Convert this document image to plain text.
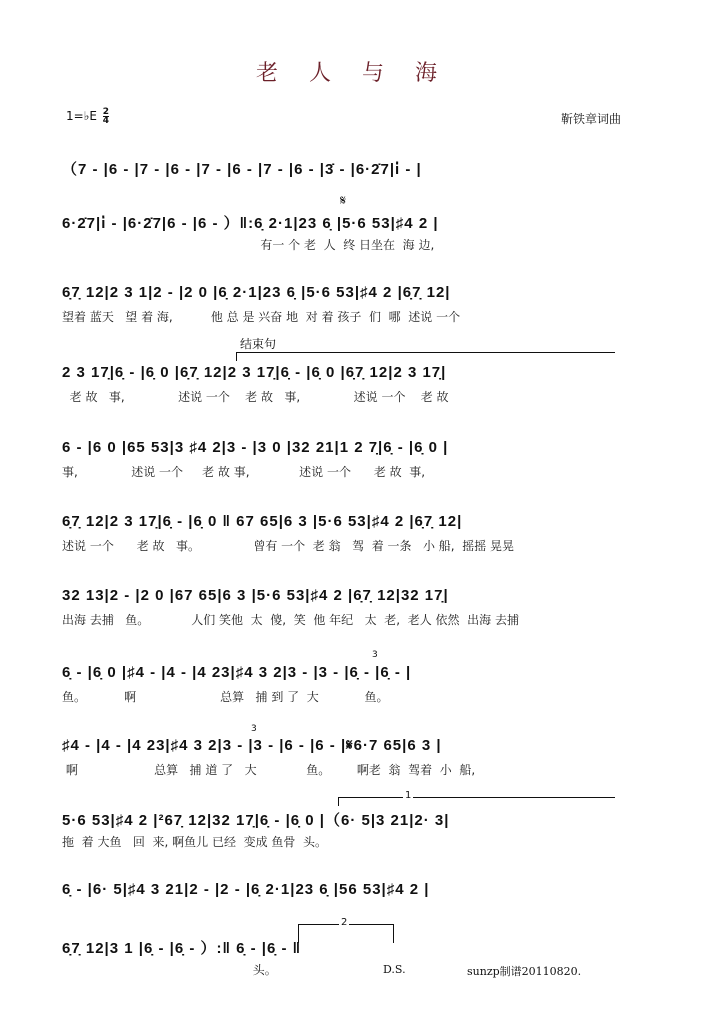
老 人 与 海
1=♭E $\frac{2}{4}$	靳铁章词曲
（7 - |6 - |7 - |6 - |7 - |6 - |7 - |6 - |3̇ - |6·2̇7|i̇ - |
𝄋
6·2̇7|i̇ - |6·2̇7|6 - |6 - ）‖:6̣ 2·1|23 6̣ |5·6 53|♯4 2 |
有一 个 老  人  终 日坐在  海 边,
6̣7̣ 12|2 3 1|2 - |2 0 |6̣ 2·1|23 6̣ |5·6 53|♯4 2 |6̣7̣ 12|
望着 蓝天   望 着 海,          他 总 是 兴奋 地  对 着 孩子  们  哪  述说 一个
结束句
2 3 17̣|6̣ - |6̣ 0 |6̣7̣ 12|2 3 17̣|6̣ - |6̣ 0 |6̣7̣ 12|2 3 17̣|
老 故   事,              述说 一个    老 故   事,              述说 一个    老 故
6 - |6 0 |65 53|3 ♯4 2|3 - |3 0 |32 21|1 2 7̣|6̣ - |6̣ 0 |
事,              述说 一个     老 故 事,             述说 一个      老 故  事,
6̣7̣ 12|2 3 17̣|6̣ - |6̣ 0 ‖ 67 65|6 3 |5·6 53|♯4 2 |6̣7̣ 12|
述说 一个      老 故   事。              曾有 一个  老 翁   驾  着 一条   小 船,  摇摇 晃晃
32 13|2 - |2 0 |67 65|6 3 |5·6 53|♯4 2 |6̣7̣ 12|32 17̣|
出海 去捕   鱼。           人们 笑他  太  傻,  笑  他 年纪   太  老,  老人 依然  出海 去捕
3
6̣ - |6̣ 0 |♯4 - |4 - |4 23|♯4 3 2|3 - |3 - |6̣ - |6̣ - |
鱼。          啊                      总算   捕 到 了  大            鱼。
3
♯4 - |4 - |4 23|♯4 3 2|3 - |3 - |6 - |6 - |𝄋6·7 65|6 3 |
啊                    总算   捕 道 了   大             鱼。       啊老  翁  驾着  小  船,
1
5·6 53|♯4 2 |²67̣ 12|32 17̣|6̣ - |6̣ 0 |（6· 5|3 21|2· 3|
拖  着 大鱼   回  来, 啊鱼儿 已经  变成 鱼骨  头。
6̣ - |6· 5|♯4 3 21|2 - |2 - |6̣ 2·1|23 6̣ |56 53|♯4 2 |
2
6̣7̣ 12|3 1 |6̣ - |6̣ - ）:‖ 6̣ - |6̣ - ‖
头。	D.S.	sunzp制谱20110820.
